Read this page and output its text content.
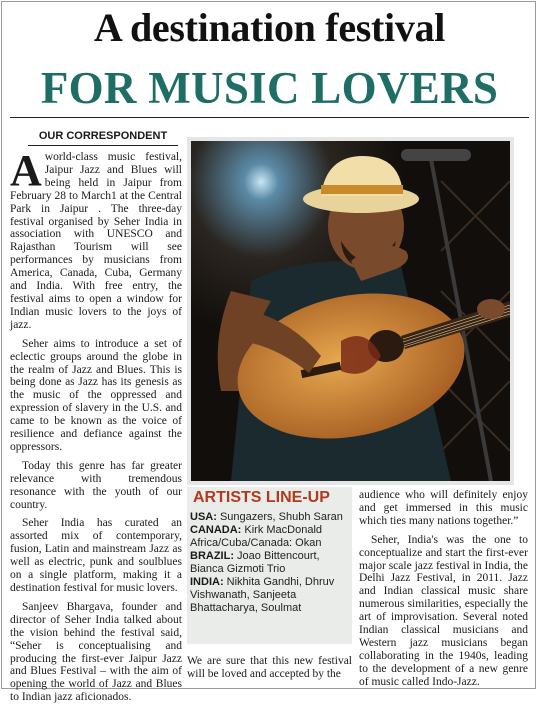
A destination festival
FOR MUSIC LOVERS
OUR CORRESPONDENT

Aworld-class music festival, Jaipur Jazz and Blues will being held in Jaipur from February 28 to March1 at the Central Park in Jaipur . The three-day festival organised by Seher India in association with UNESCO and Rajasthan Tourism will see performances by musicians from America, Canada, Cuba, Germany and India. With free entry, the festival aims to open a window for Indian music lovers to the joys of jazz.

Seher aims to introduce a set of eclectic groups around the globe in the realm of Jazz and Blues. This is being done as Jazz has its genesis as the music of the oppressed and expression of slavery in the U.S. and came to be known as the voice of resilience and defiance against the oppressors.

Today this genre has far greater relevance with tremendous resonance with the youth of our country.

Seher India has curated an assorted mix of contemporary, fusion, Latin and mainstream Jazz as well as electric, punk and soulblues on a single platform, making it a destination festival for music lovers.

Sanjeev Bhargava, founder and director of Seher India talked about the vision behind the festival said, “Seher is conceptualising and producing the first-ever Jaipur Jazz and Blues Festival – with the aim of opening the world of Jazz and Blues to Indian jazz aficionados.

ARTISTS LINE-UP
USA: Sungazers, Shubh Saran
CANADA: Kirk MacDonald Africa/Cuba/Canada: Okan
BRAZIL: Joao Bittencourt, Bianca Gizmoti Trio
INDIA: Nikhita Gandhi, Dhruv Vishwanath, Sanjeeta Bhattacharya, Soulmat

We are sure that this new festival will be loved and accepted by the

audience who will definitely enjoy and get immersed in this music which ties many nations together.”

Seher, India's was the one to conceptualize and start the first-ever major scale jazz festival in India, the Delhi Jazz Festival, in 2011. Jazz and Indian classical music share numerous similarities, especially the art of improvisation. Several noted Indian classical musicians and Western jazz musicians began collaborating in the 1940s, leading to the development of a new genre of music called Indo-Jazz.
